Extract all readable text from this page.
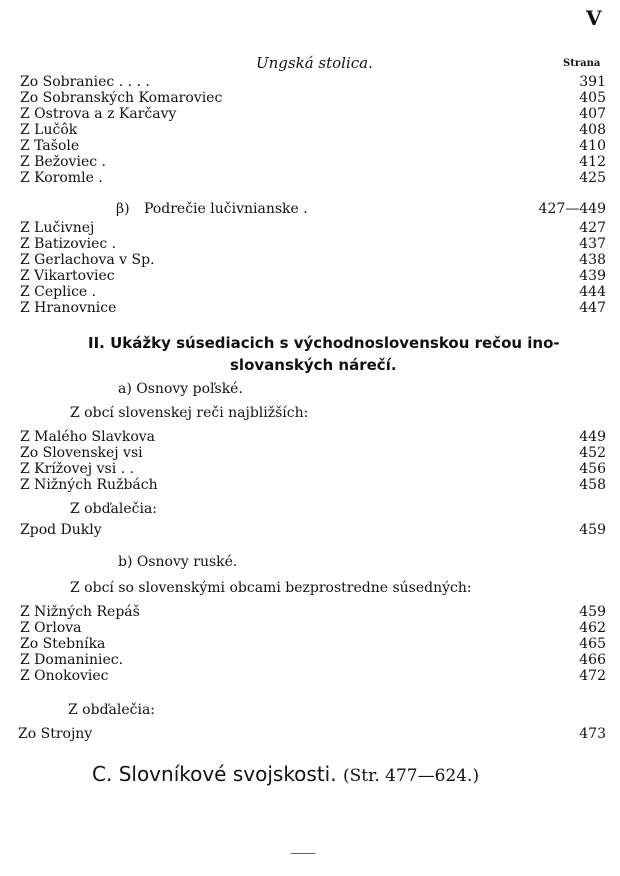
V
Ungská stolica.	Strana
Zo Sobraniec . . . .	391
Zo Sobranských Komaroviec	405
Z Ostrova a z Karčavy	407
Z Lučôk	408
Z Tašole	410
Z Bežoviec .	412
Z Koromle .	425
β) Podrečie lučivnianske .	427—449
Z Lučivnej	427
Z Batizoviec .	437
Z Gerlachova v Sp.	438
Z Vikartoviec	439
Z Ceplice .	444
Z Hranovnice	447
II. Ukážky súsediacich s východnoslovenskou rečou ino-
slovanských nárečí.
a) Osnovy poľské.
Z obcí slovenskej reči najbližších:
Z Malého Slavkova	449
Zo Slovenskej vsi	452
Z Krížovej vsi . .	456
Z Nižných Ružbách	458
Z obďalečia:
Zpod Dukly	459
b) Osnovy ruské.
Z obcí so slovenskými obcami bezprostredne súsedných:
Z Nižných Repáš	459
Z Orlova	462
Zo Stebníka	465
Z Domaniniec.	466
Z Onokoviec	472
Z obďalečia:
Zo Strojny	473
C. Slovníkové svojskosti. (Str. 477—624.)
———
